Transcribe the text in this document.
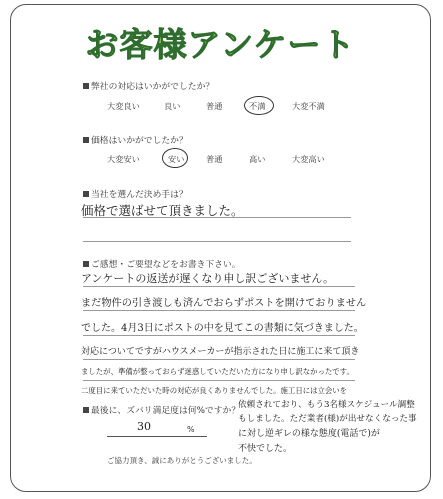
お客様アンケート
弊社の対応はいかがでしたか？
大変良い	良い	普通	不満	大変不満
価格はいかがでしたか？
大変安い	安い	普通	高い	大変高い
当社を選んだ決め手は？
価格で選ばせて頂きました。
ご感想・ご要望などをお書き下さい。
アンケートの返送が遅くなり申し訳ございません。
まだ物件の引き渡しも済んでおらずポストを開けておりません
でした。4月3日にポストの中を見てこの書類に気づきました。
対応についてですがハウスメーカーが指示された日に施工に来て頂き
ましたが、準備が整っておらず迷惑していただいた方になり申し訳なかったです。
二度目に来ていただいた時の対応が良くありませんでした。施工日には立会いを
依頼されており、もう3名様スケジュール調整
もしました。ただ業者(様)が出せなくなった事
に対し逆ギレの様な態度(電話で)が
不快でした。
最後に、ズバリ満足度は何%ですか？
30	%
ご協力頂き、誠にありがとうございました。
